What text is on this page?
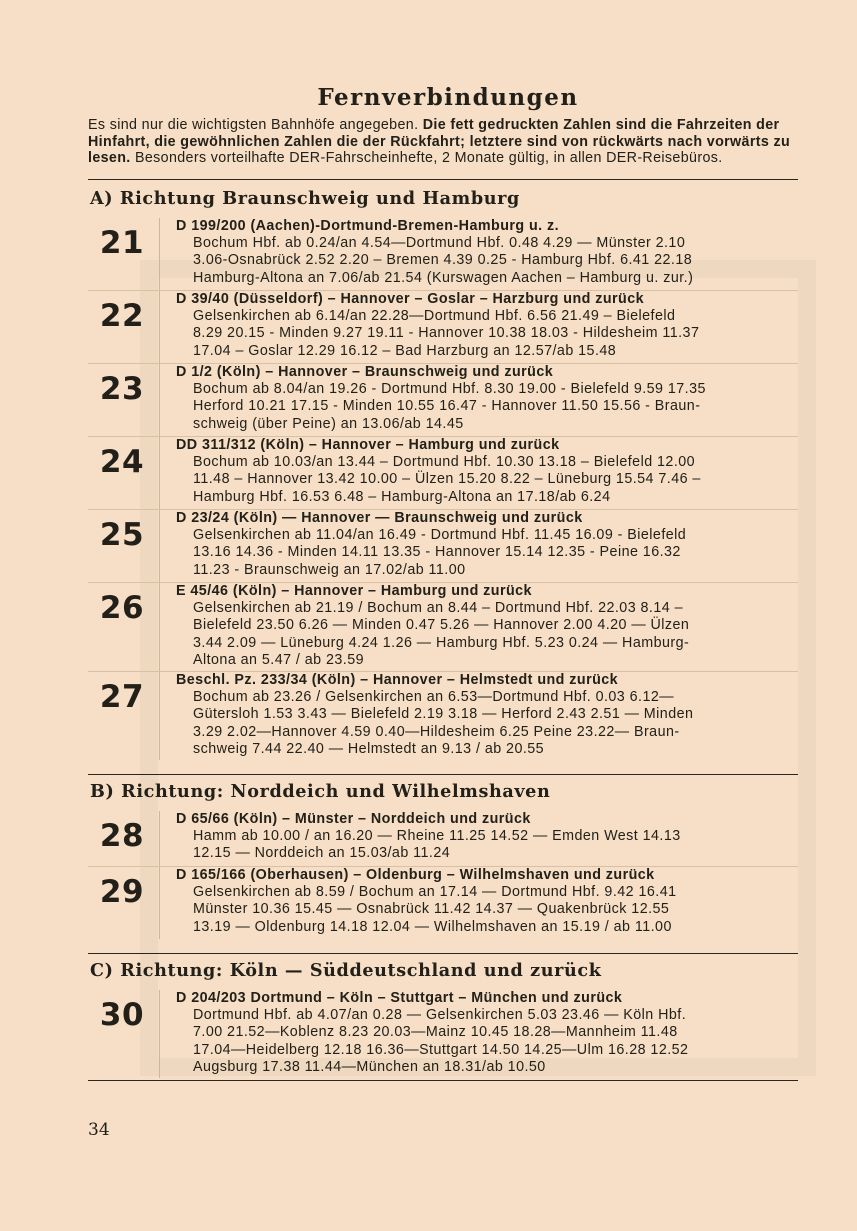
Fernverbindungen

Es sind nur die wichtigsten Bahnhöfe angegeben. Die fett gedruckten Zahlen sind die Fahrzeiten der Hinfahrt, die gewöhnlichen Zahlen die der Rückfahrt; letztere sind von rückwärts nach vorwärts zu lesen. Besonders vorteilhafte DER-Fahrscheinhefte, 2 Monate gültig, in allen DER-Reisebüros.

A) Richtung Braunschweig und Hamburg
21	D 199/200 (Aachen)-Dortmund-Bremen-Hamburg u. z.
Bochum Hbf. ab 0.24/an 4.54—Dortmund Hbf. 0.48 4.29 — Münster 2.10
3.06-Osnabrück 2.52 2.20 – Bremen 4.39 0.25 - Hamburg Hbf. 6.41 22.18
Hamburg-Altona an 7.06/ab 21.54 (Kurswagen Aachen – Hamburg u. zur.)
22	D 39/40 (Düsseldorf) – Hannover – Goslar – Harzburg und zurück
Gelsenkirchen ab 6.14/an 22.28—Dortmund Hbf. 6.56 21.49 – Bielefeld
8.29 20.15 - Minden 9.27 19.11 - Hannover 10.38 18.03 - Hildesheim 11.37
17.04 – Goslar 12.29 16.12 – Bad Harzburg an 12.57/ab 15.48
23	D 1/2 (Köln) – Hannover – Braunschweig und zurück
Bochum ab 8.04/an 19.26 - Dortmund Hbf. 8.30 19.00 - Bielefeld 9.59 17.35
Herford 10.21 17.15 - Minden 10.55 16.47 - Hannover 11.50 15.56 - Braun-
schweig (über Peine) an 13.06/ab 14.45
24	DD 311/312 (Köln) – Hannover – Hamburg und zurück
Bochum ab 10.03/an 13.44 – Dortmund Hbf. 10.30 13.18 – Bielefeld 12.00
11.48 – Hannover 13.42 10.00 – Ülzen 15.20 8.22 – Lüneburg 15.54 7.46 –
Hamburg Hbf. 16.53 6.48 – Hamburg-Altona an 17.18/ab 6.24
25	D 23/24 (Köln) — Hannover — Braunschweig und zurück
Gelsenkirchen ab 11.04/an 16.49 - Dortmund Hbf. 11.45 16.09 - Bielefeld
13.16 14.36 - Minden 14.11 13.35 - Hannover 15.14 12.35 - Peine 16.32
11.23 - Braunschweig an 17.02/ab 11.00
26	E 45/46 (Köln) – Hannover – Hamburg und zurück
Gelsenkirchen ab 21.19 / Bochum an 8.44 – Dortmund Hbf. 22.03 8.14 –
Bielefeld 23.50 6.26 — Minden 0.47 5.26 — Hannover 2.00 4.20 — Ülzen
3.44 2.09 — Lüneburg 4.24 1.26 — Hamburg Hbf. 5.23 0.24 — Hamburg-
Altona an 5.47 / ab 23.59
27	Beschl. Pz. 233/34 (Köln) – Hannover – Helmstedt und zurück
Bochum ab 23.26 / Gelsenkirchen an 6.53—Dortmund Hbf. 0.03 6.12—
Gütersloh 1.53 3.43 — Bielefeld 2.19 3.18 — Herford 2.43 2.51 — Minden
3.29 2.02—Hannover 4.59 0.40—Hildesheim 6.25 Peine 23.22— Braun-
schweig 7.44 22.40 — Helmstedt an 9.13 / ab 20.55
B) Richtung: Norddeich und Wilhelmshaven
28	D 65/66 (Köln) – Münster – Norddeich und zurück
Hamm ab 10.00 / an 16.20 — Rheine 11.25 14.52 — Emden West 14.13
12.15 — Norddeich an 15.03/ab 11.24
29	D 165/166 (Oberhausen) – Oldenburg – Wilhelmshaven und zurück
Gelsenkirchen ab 8.59 / Bochum an 17.14 — Dortmund Hbf. 9.42 16.41
Münster 10.36 15.45 — Osnabrück 11.42 14.37 — Quakenbrück 12.55
13.19 — Oldenburg 14.18 12.04 — Wilhelmshaven an 15.19 / ab 11.00
C) Richtung: Köln — Süddeutschland und zurück
30	D 204/203 Dortmund – Köln – Stuttgart – München und zurück
Dortmund Hbf. ab 4.07/an 0.28 — Gelsenkirchen 5.03 23.46 — Köln Hbf.
7.00 21.52—Koblenz 8.23 20.03—Mainz 10.45 18.28—Mannheim 11.48
17.04—Heidelberg 12.18 16.36—Stuttgart 14.50 14.25—Ulm 16.28 12.52
Augsburg 17.38 11.44—München an 18.31/ab 10.50
34
